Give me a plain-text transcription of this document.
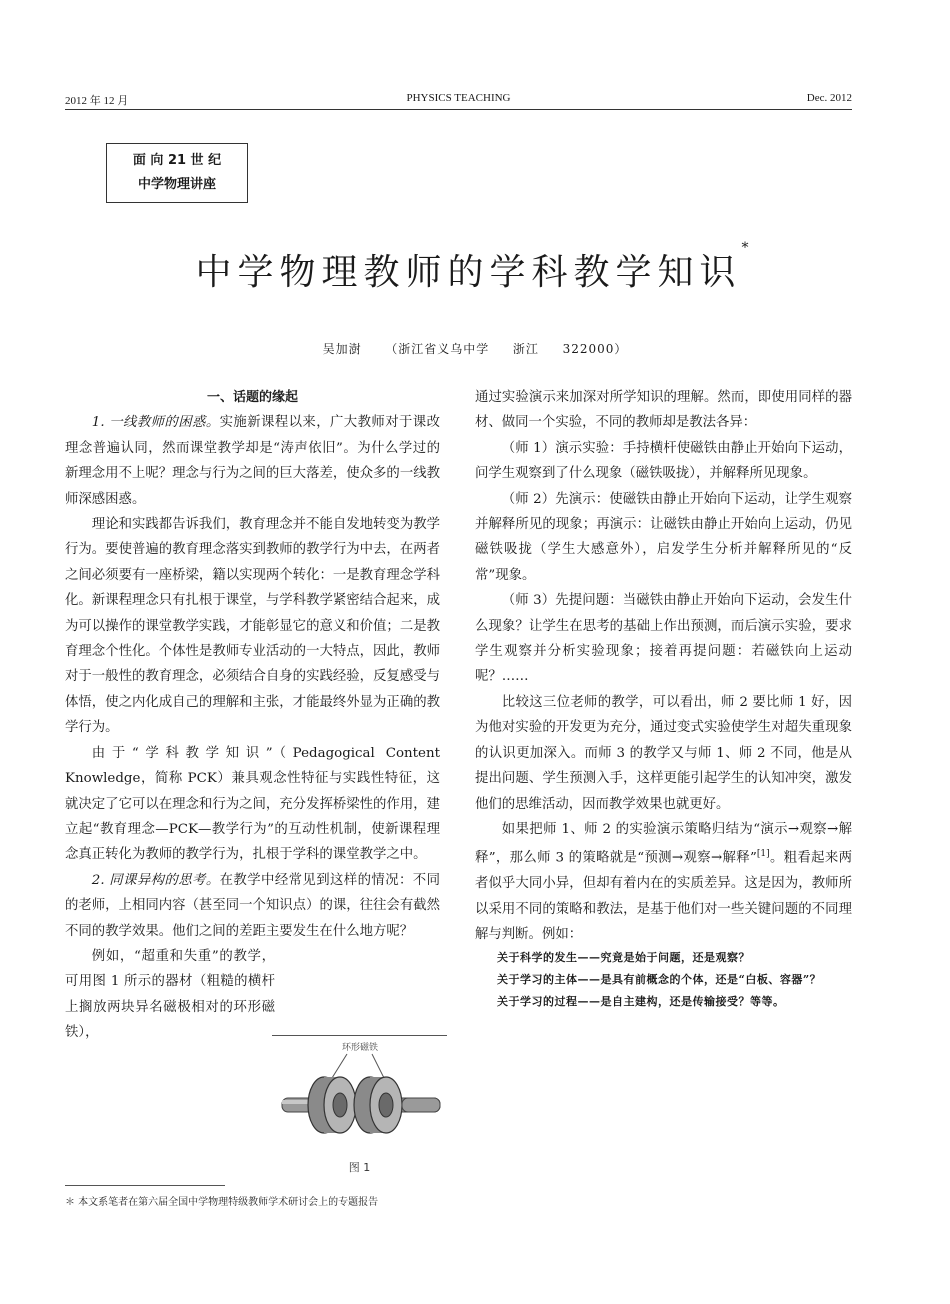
2012 年 12 月	PHYSICS TEACHING	Dec. 2012
面 向 21 世 纪
中学物理讲座
中学物理教师的学科教学知识*
吴加澍 （浙江省义乌中学 浙江 322000）

一、话题的缘起

1. 一线教师的困惑。实施新课程以来，广大教师对于课改理念普遍认同，然而课堂教学却是“涛声依旧”。为什么学过的新理念用不上呢？理念与行为之间的巨大落差，使众多的一线教师深感困惑。

理论和实践都告诉我们，教育理念并不能自发地转变为教学行为。要使普遍的教育理念落实到教师的教学行为中去，在两者之间必须要有一座桥梁，籍以实现两个转化：一是教育理念学科化。新课程理念只有扎根于课堂，与学科教学紧密结合起来，成为可以操作的课堂教学实践，才能彰显它的意义和价值；二是教育理念个性化。个体性是教师专业活动的一大特点，因此，教师对于一般性的教育理念，必须结合自身的实践经验，反复感受与体悟，使之内化成自己的理解和主张，才能最终外显为正确的教学行为。

由于“学科教学知识”（Pedagogical Content Knowledge，简称 PCK）兼具观念性特征与实践性特征，这就决定了它可以在理念和行为之间，充分发挥桥梁性的作用，建立起“教育理念—PCK—教学行为”的互动性机制，使新课程理念真正转化为教师的教学行为，扎根于学科的课堂教学之中。

2. 同课异构的思考。在教学中经常见到这样的情况：不同的老师，上相同内容（甚至同一个知识点）的课，往往会有截然不同的教学效果。他们之间的差距主要发生在什么地方呢？

例如，“超重和失重”的教学，可用图 1 所示的器材（粗糙的横杆上搁放两块异名磁极相对的环形磁铁），

环形磁铁
图 1

通过实验演示来加深对所学知识的理解。然而，即使用同样的器材、做同一个实验，不同的教师却是教法各异：

（师 1）演示实验：手持横杆使磁铁由静止开始向下运动，问学生观察到了什么现象（磁铁吸拢），并解释所见现象。

（师 2）先演示：使磁铁由静止开始向下运动，让学生观察并解释所见的现象；再演示：让磁铁由静止开始向上运动，仍见磁铁吸拢（学生大感意外），启发学生分析并解释所见的“反常”现象。

（师 3）先提问题：当磁铁由静止开始向下运动，会发生什么现象？让学生在思考的基础上作出预测，而后演示实验，要求学生观察并分析实验现象；接着再提问题：若磁铁向上运动呢？……

比较这三位老师的教学，可以看出，师 2 要比师 1 好，因为他对实验的开发更为充分，通过变式实验使学生对超失重现象的认识更加深入。而师 3 的教学又与师 1、师 2 不同，他是从提出问题、学生预测入手，这样更能引起学生的认知冲突，激发他们的思维活动，因而教学效果也就更好。

如果把师 1、师 2 的实验演示策略归结为“演示→观察→解释”，那么师 3 的策略就是“预测→观察→解释”[1]。粗看起来两者似乎大同小异，但却有着内在的实质差异。这是因为，教师所以采用不同的策略和教法，是基于他们对一些关键问题的不同理解与判断。例如：

关于科学的发生——究竟是始于问题，还是观察？

关于学习的主体——是具有前概念的个体，还是“白板、容器”？

关于学习的过程——是自主建构，还是传输接受？等等。

＊ 本文系笔者在第六届全国中学物理特级教师学术研讨会上的专题报告
